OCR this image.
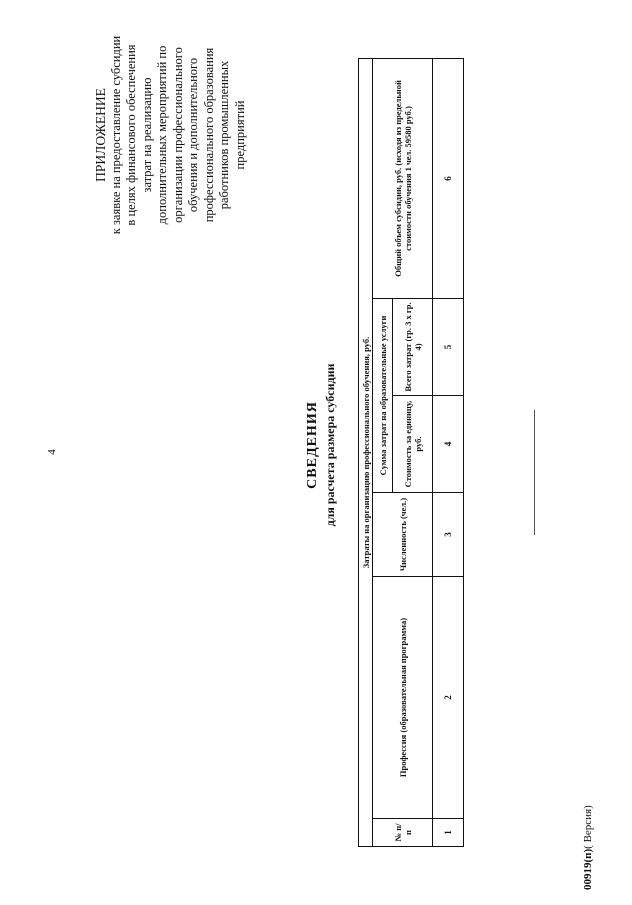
4
ПРИЛОЖЕНИЕ к заявке на предоставление субсидии в целях финансового обеспечения затрат на реализацию дополнительных мероприятий по организации профессионального обучения и дополнительного профессионального образования работников промышленных предприятий
СВЕДЕНИЯ для расчета размера субсидии	Затраты на организацию профессионального обучения, руб.					
№ п/п	Профессия (образовательная программа)	Численность (чел.)	Сумма затрат на образовательные услуги		Общий объем субсидии, руб. (исходя из предельной стоимости обучения 1 чел. 59580 руб.)
			Стоимость за единицу, руб.	Всего затрат (гр. 3 х гр. 4)	
1	2	3	4	5	6
00919(п)( Версия)
